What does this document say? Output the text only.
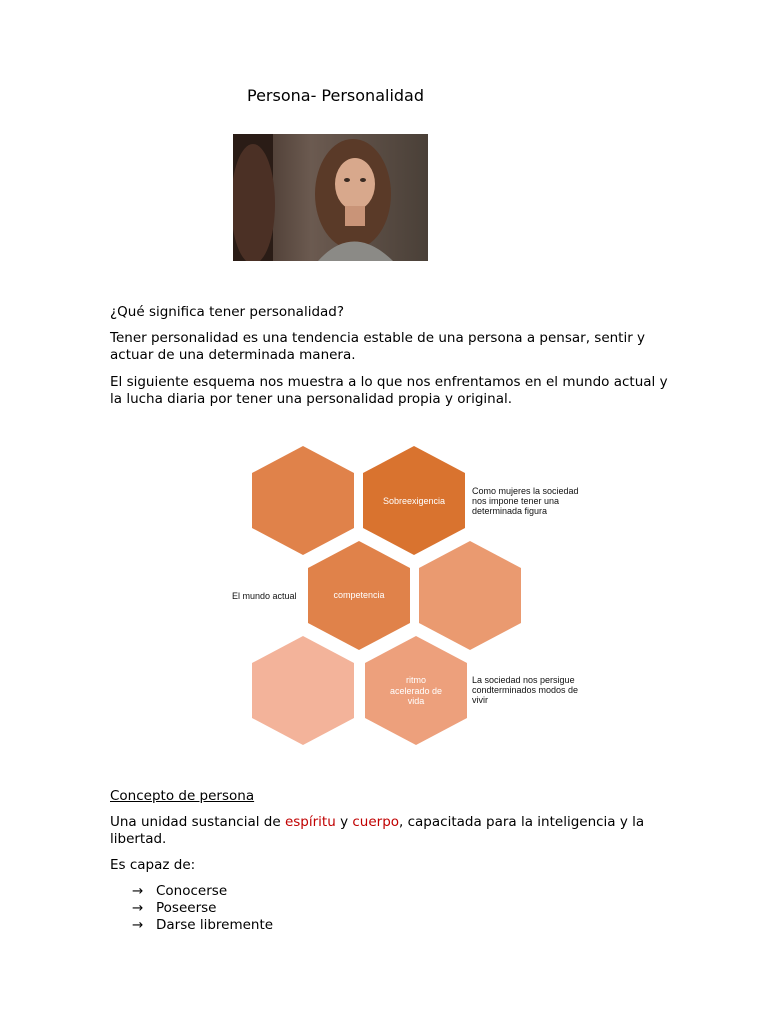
Persona- Personalidad

¿Qué significa tener personalidad?

Tener personalidad es una tendencia estable de una persona a pensar, sentir y actuar de una determinada manera.

El siguiente esquema nos muestra a lo que nos enfrentamos en el mundo actual y la lucha diaria por tener una personalidad propia y original.

Sobreexigencia
competencia
ritmo
acelerado de
vida
Como mujeres la sociedad
nos impone tener una
determinada figura
El mundo actual
La sociedad nos persigue
condterminados modos de
vivir

Concepto de persona

Una unidad sustancial de espíritu y cuerpo, capacitada para la inteligencia y la libertad.

Es capaz de:

→ Conocerse
→ Poseerse
→ Darse libremente
